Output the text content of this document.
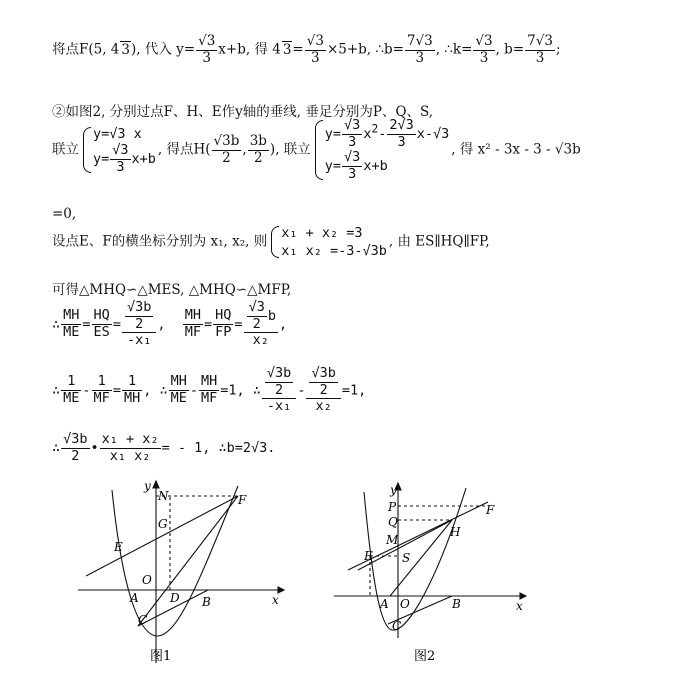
将点F(5, 4 3), 代入 $y= \frac{√3}{3} x+b$, 得 4 $3= \frac{√3}{3} \times 5+b$, ∴b= $\frac{7√3}{3}$ , ∴k= $\frac{√3}{3}$ , $b= \frac{7√3}{3}$ ;
②如图2, 分别过点F、H、E作y轴的垂线, 垂足分别为P、Q、S,
联立
y=√3 x
$y= \frac{√3}{3} x+b$
, 得点$H( \frac{√3b}{2}$ , $\frac{3b}{2}$ ), 联立
$y= \frac{√3}{3} x^2- \frac{2√3}{3} x-√3$
$y= \frac{√3}{3} x+b$
, 得 x² - 3x - 3 - √3b
=0,
设点E、F的横坐标分别为 x₁, x₂, 则
x₁ + x₂ =3
x₁ x₂ =-3-√3b
, 由 ES∥HQ∥FP,
可得△MHQ∽△MES, △MHQ∽△MFP,
∴ $\frac{MH}{ME} = \frac{HQ}{ES} = \frac{\frac{√3b}{2}}{\text{-x₁}}$ , $\frac{MH}{MF} = \frac{HQ}{FP} = \frac{\frac{√3}{2} b}{\text{x₂}}$ ,
∴ $\frac{1}{ME} - \frac{1}{MF} = \frac{1}{MH}$ , ∴ $\frac{MH}{ME} - \frac{MH}{MF} =1$, ∴ $\frac{\frac{√3b}{2}}{\text{-x₁}} - \frac{\frac{√3b}{2}}{\text{x₂}} =1$,
∴ $\frac{√3b}{2}$ • $\frac{\text{x₁ + x₂}}{\text{x₁ x₂}}$ = - 1, ∴b=2√3.
y
x
N	F
G
E
O
A	D B
C
图1
y
x
P	F
Q
H
M
E S
A O	B
C
图2
